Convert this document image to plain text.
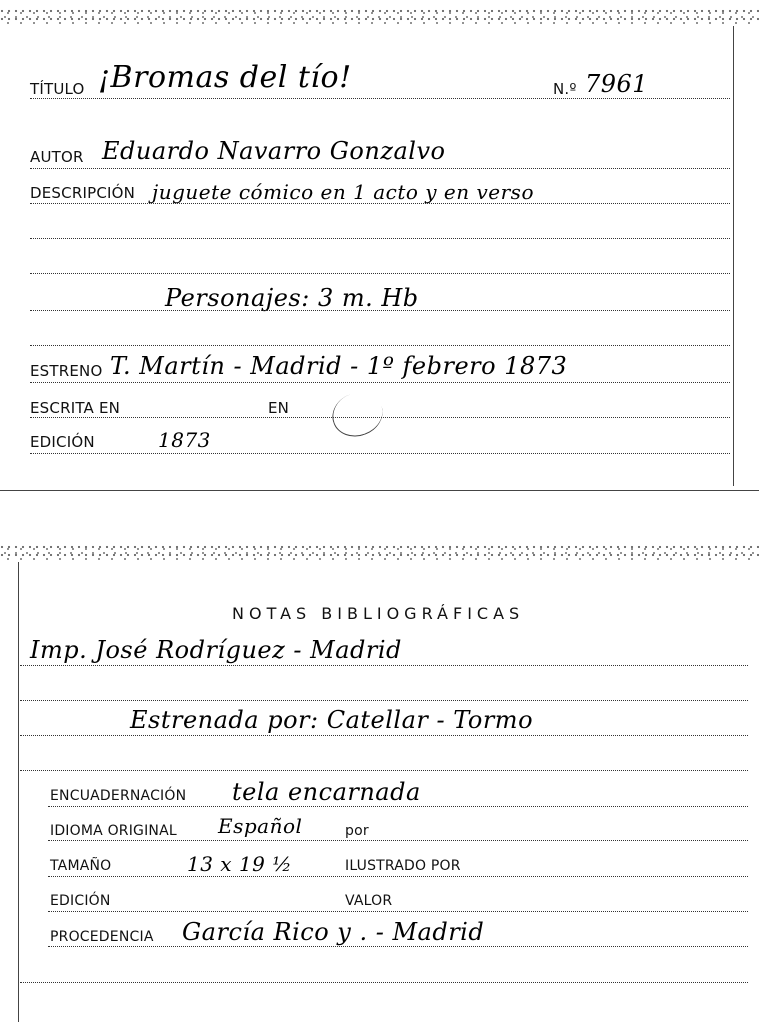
TÍTULO ¡Bromas del tío!	N.º 7961
AUTOR Eduardo Navarro Gonzalvo
DESCRIPCIÓN juguete cómico en 1 acto y en verso
Personajes: 3 m. Hb
ESTRENO T. Martín - Madrid - 1º febrero 1873
ESCRITA EN	EN
EDICIÓN	1873
NOTAS BIBLIOGRÁFICAS
Imp. José Rodríguez - Madrid
Estrenada por: Catellar - Tormo
ENCUADERNACIÓN tela encarnada
IDIOMA ORIGINAL Español	por
TAMAÑO	13 x 19 ½	ILUSTRADO POR
EDICIÓN	VALOR
PROCEDENCIA García Rico y . - Madrid
